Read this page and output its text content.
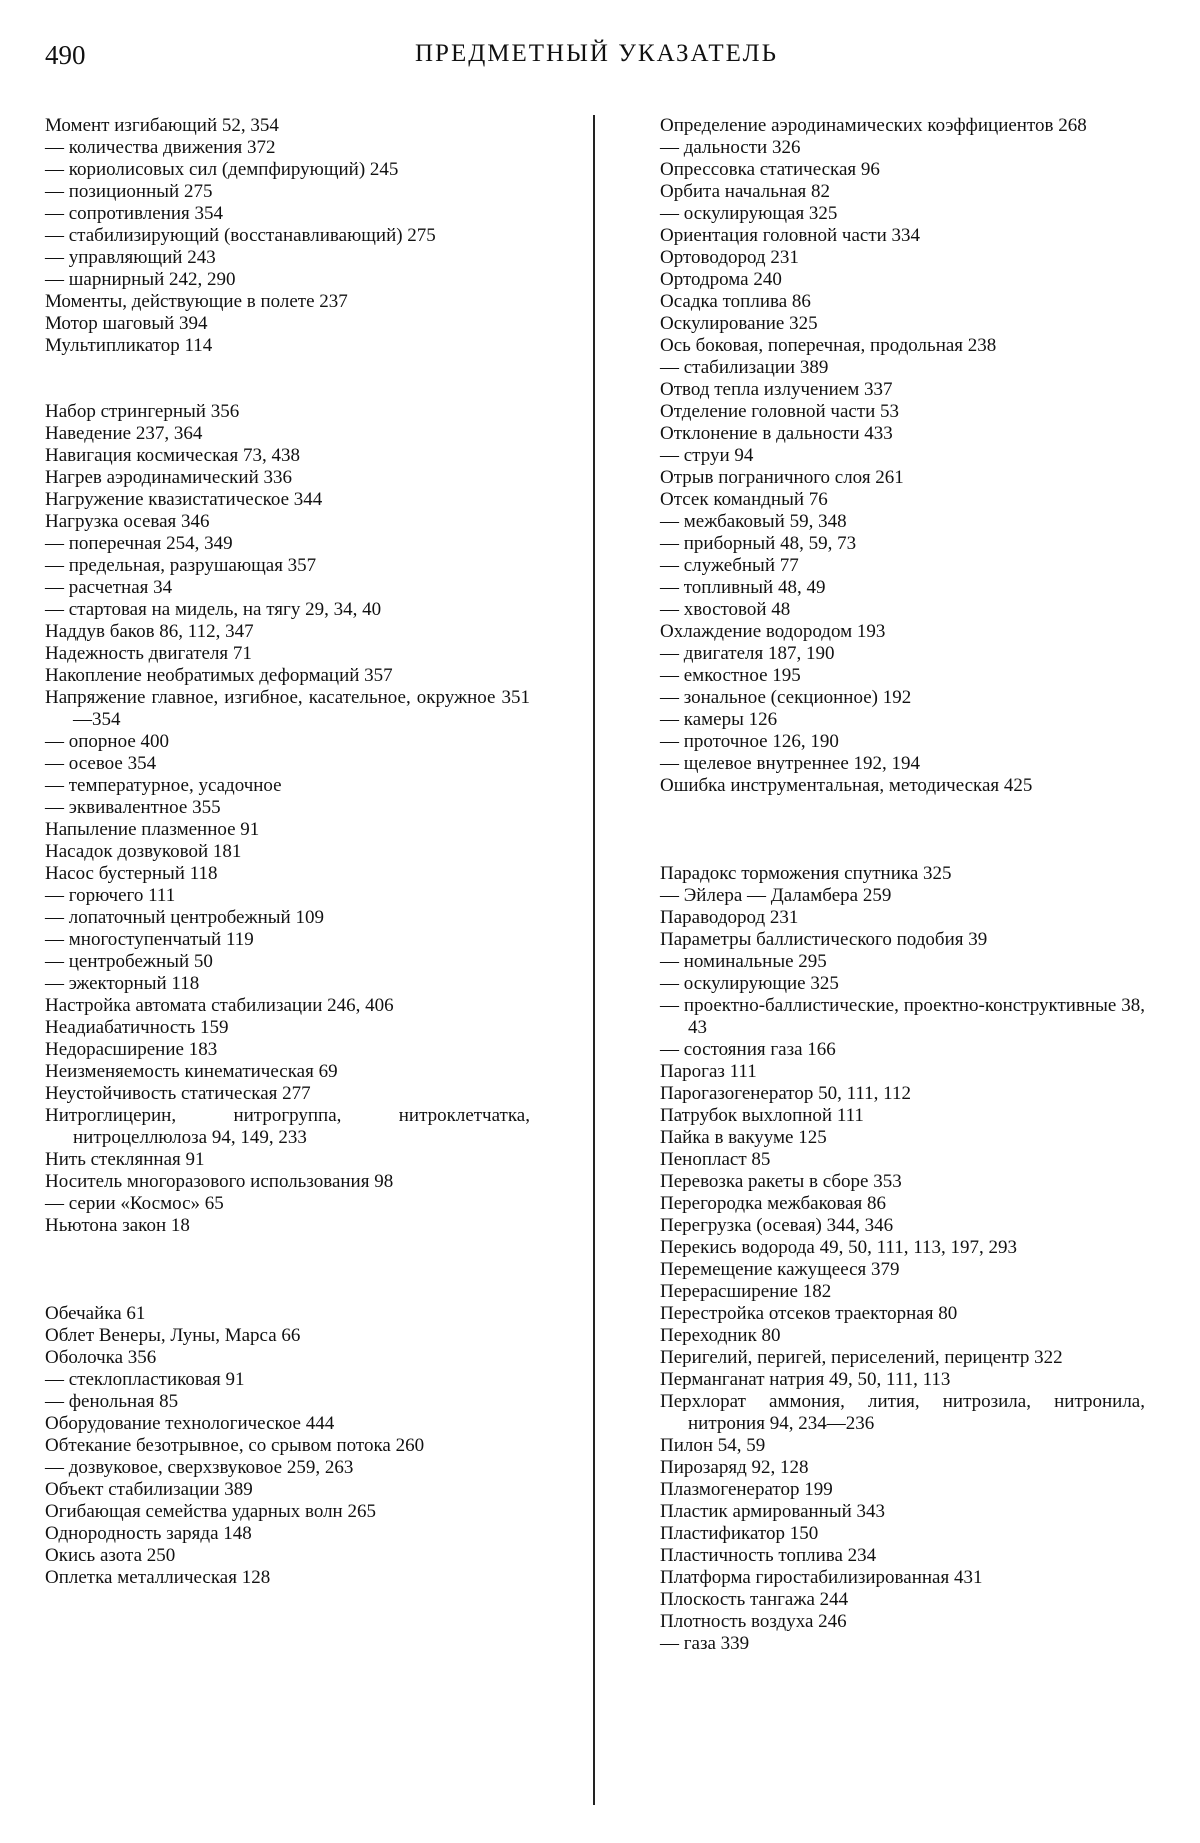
490	ПРЕДМЕТНЫЙ УКАЗАТЕЛЬ
Момент изгибающий 52, 354
— количества движения 372
— кориолисовых сил (демпфирующий) 245
— позиционный 275
— сопротивления 354
— стабилизирующий (восстанавливающий) 275
— управляющий 243
— шарнирный 242, 290
Моменты, действующие в полете 237
Мотор шаговый 394
Мультипликатор 114
Набор стрингерный 356
Наведение 237, 364
Навигация космическая 73, 438
Нагрев аэродинамический 336
Нагружение квазистатическое 344
Нагрузка осевая 346
— поперечная 254, 349
— предельная, разрушающая 357
— расчетная 34
— стартовая на мидель, на тягу 29, 34, 40
Наддув баков 86, 112, 347
Надежность двигателя 71
Накопление необратимых деформаций 357
Напряжение главное, изгибное, касательное, окружное 351—354
— опорное 400
— осевое 354
— температурное, усадочное
— эквивалентное 355
Напыление плазменное 91
Насадок дозвуковой 181
Насос бустерный 118
— горючего 111
— лопаточный центробежный 109
— многоступенчатый 119
— центробежный 50
— эжекторный 118
Настройка автомата стабилизации 246, 406
Неадиабатичность 159
Недорасширение 183
Неизменяемость кинематическая 69
Неустойчивость статическая 277
Нитроглицерин, нитрогруппа, нитроклетчатка, нитроцеллюлоза 94, 149, 233
Нить стеклянная 91
Носитель многоразового использования 98
— серии «Космос» 65
Ньютона закон 18
Обечайка 61
Облет Венеры, Луны, Марса 66
Оболочка 356
— стеклопластиковая 91
— фенольная 85
Оборудование технологическое 444
Обтекание безотрывное, со срывом потока 260
— дозвуковое, сверхзвуковое 259, 263
Объект стабилизации 389
Огибающая семейства ударных волн 265
Однородность заряда 148
Окись азота 250
Оплетка металлическая 128
Определение аэродинамических коэффициентов 268
— дальности 326
Опрессовка статическая 96
Орбита начальная 82
— оскулирующая 325
Ориентация головной части 334
Ортоводород 231
Ортодрома 240
Осадка топлива 86
Оскулирование 325
Ось боковая, поперечная, продольная 238
— стабилизации 389
Отвод тепла излучением 337
Отделение головной части 53
Отклонение в дальности 433
— струи 94
Отрыв пограничного слоя 261
Отсек командный 76
— межбаковый 59, 348
— приборный 48, 59, 73
— служебный 77
— топливный 48, 49
— хвостовой 48
Охлаждение водородом 193
— двигателя 187, 190
— емкостное 195
— зональное (секционное) 192
— камеры 126
— проточное 126, 190
— щелевое внутреннее 192, 194
Ошибка инструментальная, методическая 425
Парадокс торможения спутника 325
— Эйлера — Даламбера 259
Параводород 231
Параметры баллистического подобия 39
— номинальные 295
— оскулирующие 325
— проектно-баллистические, проектно-конструктивные 38, 43
— состояния газа 166
Парогаз 111
Парогазогенератор 50, 111, 112
Патрубок выхлопной 111
Пайка в вакууме 125
Пенопласт 85
Перевозка ракеты в сборе 353
Перегородка межбаковая 86
Перегрузка (осевая) 344, 346
Перекись водорода 49, 50, 111, 113, 197, 293
Перемещение кажущееся 379
Перерасширение 182
Перестройка отсеков траекторная 80
Переходник 80
Перигелий, перигей, периселений, перицентр 322
Перманганат натрия 49, 50, 111, 113
Перхлорат аммония, лития, нитрозила, нитронила, нитрония 94, 234—236
Пилон 54, 59
Пирозаряд 92, 128
Плазмогенератор 199
Пластик армированный 343
Пластификатор 150
Пластичность топлива 234
Платформа гиростабилизированная 431
Плоскость тангажа 244
Плотность воздуха 246
— газа 339
